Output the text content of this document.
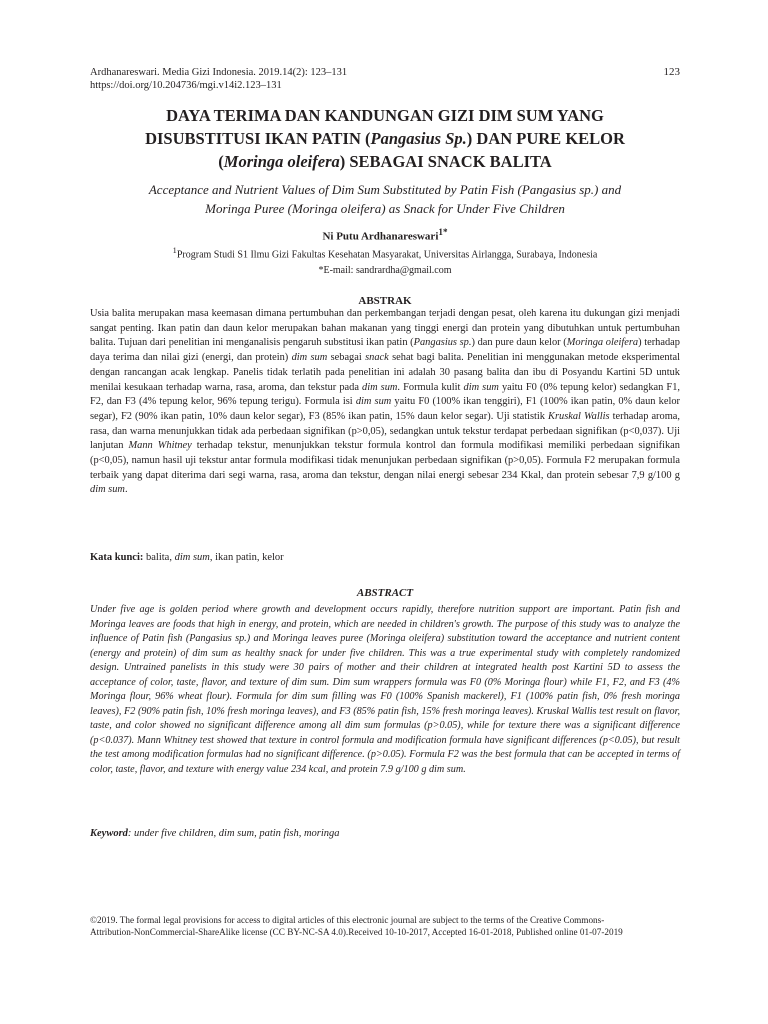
Ardhanareswari. Media Gizi Indonesia. 2019.14(2): 123–131
https://doi.org/10.204736/mgi.v14i2.123–131
123
DAYA TERIMA DAN KANDUNGAN GIZI DIM SUM YANG
DISUBSTITUSI IKAN PATIN (Pangasius Sp.) DAN PURE KELOR
(Moringa oleifera) SEBAGAI SNACK BALITA
Acceptance and Nutrient Values of Dim Sum Substituted by Patin Fish (Pangasius sp.) and
Moringa Puree (Moringa oleifera) as Snack for Under Five Children
Ni Putu Ardhanareswari$^{1*}$
$^1$Program Studi S1 Ilmu Gizi Fakultas Kesehatan Masyarakat, Universitas Airlangga, Surabaya, Indonesia
*E-mail: sandrardha@gmail.com
ABSTRAK

Usia balita merupakan masa keemasan dimana pertumbuhan dan perkembangan terjadi dengan pesat, oleh karena itu dukungan gizi menjadi sangat penting. Ikan patin dan daun kelor merupakan bahan makanan yang tinggi energi dan protein yang dibutuhkan untuk pertumbuhan balita. Tujuan dari penelitian ini menganalisis pengaruh substitusi ikan patin (Pangasius sp.) dan pure daun kelor (Moringa oleifera) terhadap daya terima dan nilai gizi (energi, dan protein) dim sum sebagai snack sehat bagi balita. Penelitian ini menggunakan metode eksperimental dengan rancangan acak lengkap. Panelis tidak terlatih pada penelitian ini adalah 30 pasang balita dan ibu di Posyandu Kartini 5D untuk menilai kesukaan terhadap warna, rasa, aroma, dan tekstur pada dim sum. Formula kulit dim sum yaitu F0 (0% tepung kelor) sedangkan F1, F2, dan F3 (4% tepung kelor, 96% tepung terigu). Formula isi dim sum yaitu F0 (100% ikan tenggiri), F1 (100% ikan patin, 0% daun kelor segar), F2 (90% ikan patin, 10% daun kelor segar), F3 (85% ikan patin, 15% daun kelor segar). Uji statistik Kruskal Wallis terhadap aroma, rasa, dan warna menunjukkan tidak ada perbedaan signifikan (p>0,05), sedangkan untuk tekstur terdapat perbedaan signifikan (p<0,037). Uji lanjutan Mann Whitney terhadap tekstur, menunjukkan tekstur formula kontrol dan formula modifikasi memiliki perbedaan signifikan (p<0,05), namun hasil uji tekstur antar formula modifikasi tidak menunjukan perbedaan signifikan (p>0,05). Formula F2 merupakan formula terbaik yang dapat diterima dari segi warna, rasa, aroma dan tekstur, dengan nilai energi sebesar 234 Kkal, dan protein sebesar 7,9 g/100 g dim sum.

Kata kunci: balita, dim sum, ikan patin, kelor
ABSTRACT

Under five age is golden period where growth and development occurs rapidly, therefore nutrition support are important. Patin fish and Moringa leaves are foods that high in energy, and protein, which are needed in children's growth. The purpose of this study was to analyze the influence of Patin fish (Pangasius sp.) and Moringa leaves puree (Moringa oleifera) substitution toward the acceptance and nutrient content (energy and protein) of dim sum as healthy snack for under five children. This was a true experimental study with completely randomized design. Untrained panelists in this study were 30 pairs of mother and their children at integrated health post Kartini 5D to assess the acceptance of color, taste, flavor, and texture of dim sum. Dim sum wrappers formula was F0 (0% Moringa flour) while F1, F2, and F3 (4% Moringa flour, 96% wheat flour). Formula for dim sum filling was F0 (100% Spanish mackerel), F1 (100% patin fish, 0% fresh moringa leaves), F2 (90% patin fish, 10% fresh moringa leaves), and F3 (85% patin fish, 15% fresh moringa leaves). Kruskal Wallis test result on flavor, taste, and color showed no significant difference among all dim sum formulas (p>0.05), while for texture there was a significant difference (p<0.037). Mann Whitney test showed that texture in control formula and modification formula have significant differences (p<0.05), but result the test among modification formulas had no significant difference. (p>0.05). Formula F2 was the best formula that can be accepted in terms of color, taste, flavor, and texture with energy value 234 kcal, and protein 7.9 g/100 g dim sum.

Keyword: under five children, dim sum, patin fish, moringa
©2019. The formal legal provisions for access to digital articles of this electronic journal are subject to the terms of the Creative Commons-
Attribution-NonCommercial-ShareAlike license (CC BY-NC-SA 4.0).Received 10-10-2017, Accepted 16-01-2018, Published online 01-07-2019
